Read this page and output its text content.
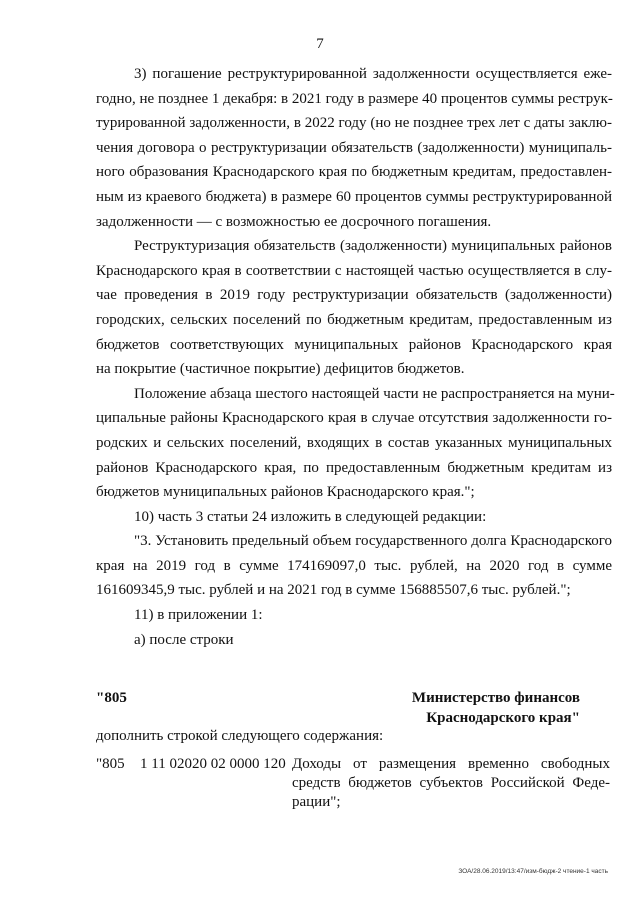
7
3) погашение реструктурированной задолженности осуществляется еже-
годно, не позднее 1 декабря: в 2021 году в размере 40 процентов суммы реструк-
турированной задолженности, в 2022 году (но не позднее трех лет с даты заклю-
чения договора о реструктуризации обязательств (задолженности) муниципаль-
ного образования Краснодарского края по бюджетным кредитам, предоставлен-
ным из краевого бюджета) в размере 60 процентов суммы реструктурированной
задолженности — с возможностью ее досрочного погашения.
Реструктуризация обязательств (задолженности) муниципальных районов
Краснодарского края в соответствии с настоящей частью осуществляется в слу-
чае проведения в 2019 году реструктуризации обязательств (задолженности)
городских, сельских поселений по бюджетным кредитам, предоставленным из
бюджетов соответствующих муниципальных районов Краснодарского края
на покрытие (частичное покрытие) дефицитов бюджетов.
Положение абзаца шестого настоящей части не распространяется на муни-
ципальные районы Краснодарского края в случае отсутствия задолженности го-
родских и сельских поселений, входящих в состав указанных муниципальных
районов Краснодарского края, по предоставленным бюджетным кредитам из
бюджетов муниципальных районов Краснодарского края.";
10) часть 3 статьи 24 изложить в следующей редакции:
"3. Установить предельный объем государственного долга Краснодарского
края на 2019 год в сумме 174169097,0 тыс. рублей, на 2020 год в сумме
161609345,9 тыс. рублей и на 2021 год в сумме 156885507,6 тыс. рублей.";
11) в приложении 1:
а) после строки
"805	Министерство финансов
Краснодарского края"
дополнить строкой следующего содержания:
"805 1 11 02020 02 0000 120 Доходы от размещения временно свободных
средств бюджетов субъектов Российской Феде-
рации";
ЗОА/28.06.2019/13:47/изм-бюдж-2 чтение-1 часть
